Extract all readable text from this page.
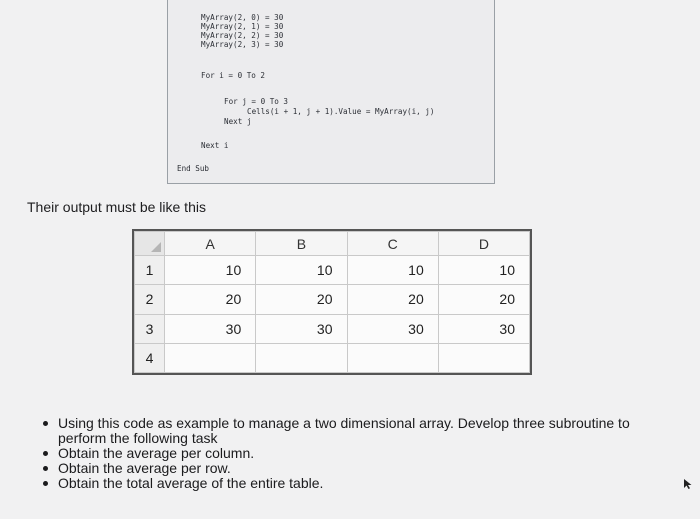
MyArray(2, 0) = 30
MyArray(2, 1) = 30
MyArray(2, 2) = 30
MyArray(2, 3) = 30
For i = 0 To 2
For j = 0 To 3
Cells(i + 1, j + 1).Value = MyArray(i, j)
Next j
Next i
End Sub
Their output must be like this
	A	B	C	D
1	10	10	10	10
2	20	20	20	20
3	30	30	30	30
4				
Using this code as example to manage a two dimensional array. Develop three subroutine to perform the following task
Obtain the average per column.
Obtain the average per row.
Obtain the total average of the entire table.
